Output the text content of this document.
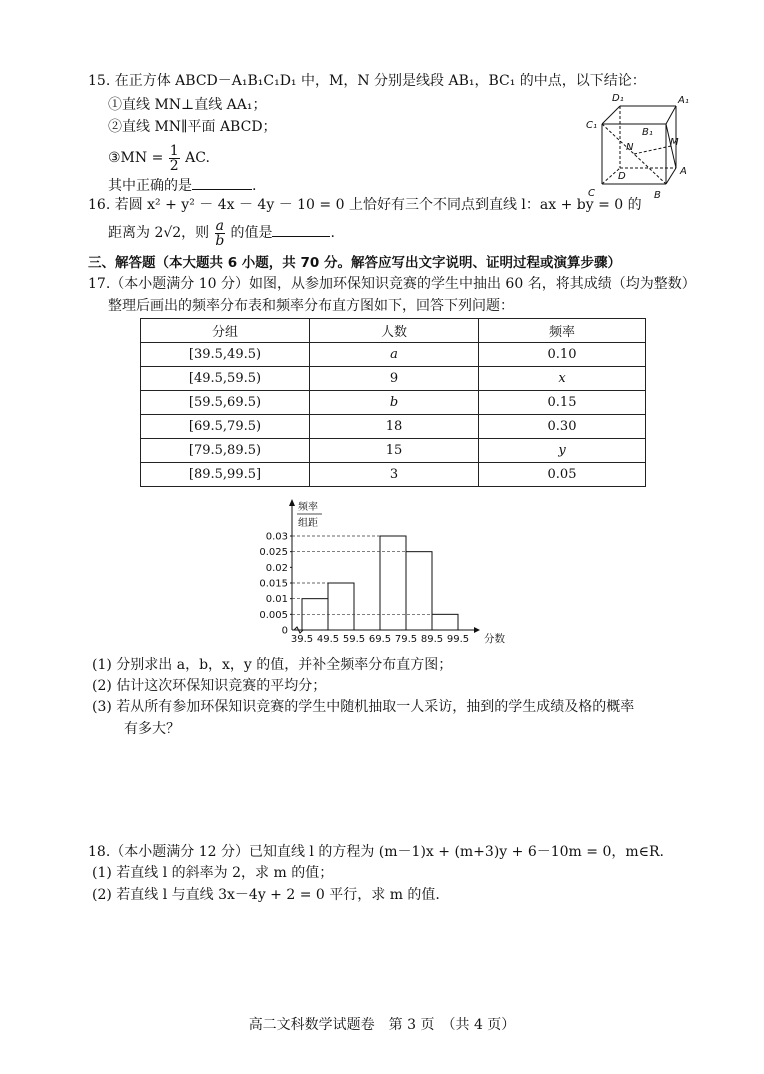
15. 在正方体 ABCD－A₁B₁C₁D₁ 中，M，N 分别是线段 AB₁，BC₁ 的中点，以下结论：
①直线 MN⊥直线 AA₁；
②直线 MN∥平面 ABCD；
③MN = $\frac{1}{2}$ AC.
其中正确的是	.
D₁	A₁
C₁
B₁
M
N
D	A
C	B
16. 若圆 x² + y² － 4x － 4y － 10 = 0 上恰好有三个不同点到直线 l：ax + by = 0 的
距离为 2√2，则 $\frac{a}{b}$ 的值是	.
三、解答题（本大题共 6 小题，共 70 分。解答应写出文字说明、证明过程或演算步骤）
17.（本小题满分 10 分）如图，从参加环保知识竞赛的学生中抽出 60 名，将其成绩（均为整数）
整理后画出的频率分布表和频率分布直方图如下，回答下列问题：
分组	人数	频率
[39.5,49.5)	a	0.10
[49.5,59.5)	9	x
[59.5,69.5)	b	0.15
[69.5,79.5)	18	0.30
[79.5,89.5)	15	y
[89.5,99.5]	3	0.05
频率
组距
0.03
0.025
0.02
0.015
0.01
0.005
0
39.5 49.5 59.5 69.5 79.5 89.5 99.5 分数
(1) 分别求出 a，b，x，y 的值，并补全频率分布直方图；
(2) 估计这次环保知识竞赛的平均分；
(3) 若从所有参加环保知识竞赛的学生中随机抽取一人采访，抽到的学生成绩及格的概率
有多大？
18.（本小题满分 12 分）已知直线 l 的方程为 (m－1)x + (m+3)y + 6－10m = 0，m∈R.
(1) 若直线 l 的斜率为 2，求 m 的值；
(2) 若直线 l 与直线 3x－4y + 2 = 0 平行，求 m 的值.
高二文科数学试题卷　第 3 页　（共 4 页）
